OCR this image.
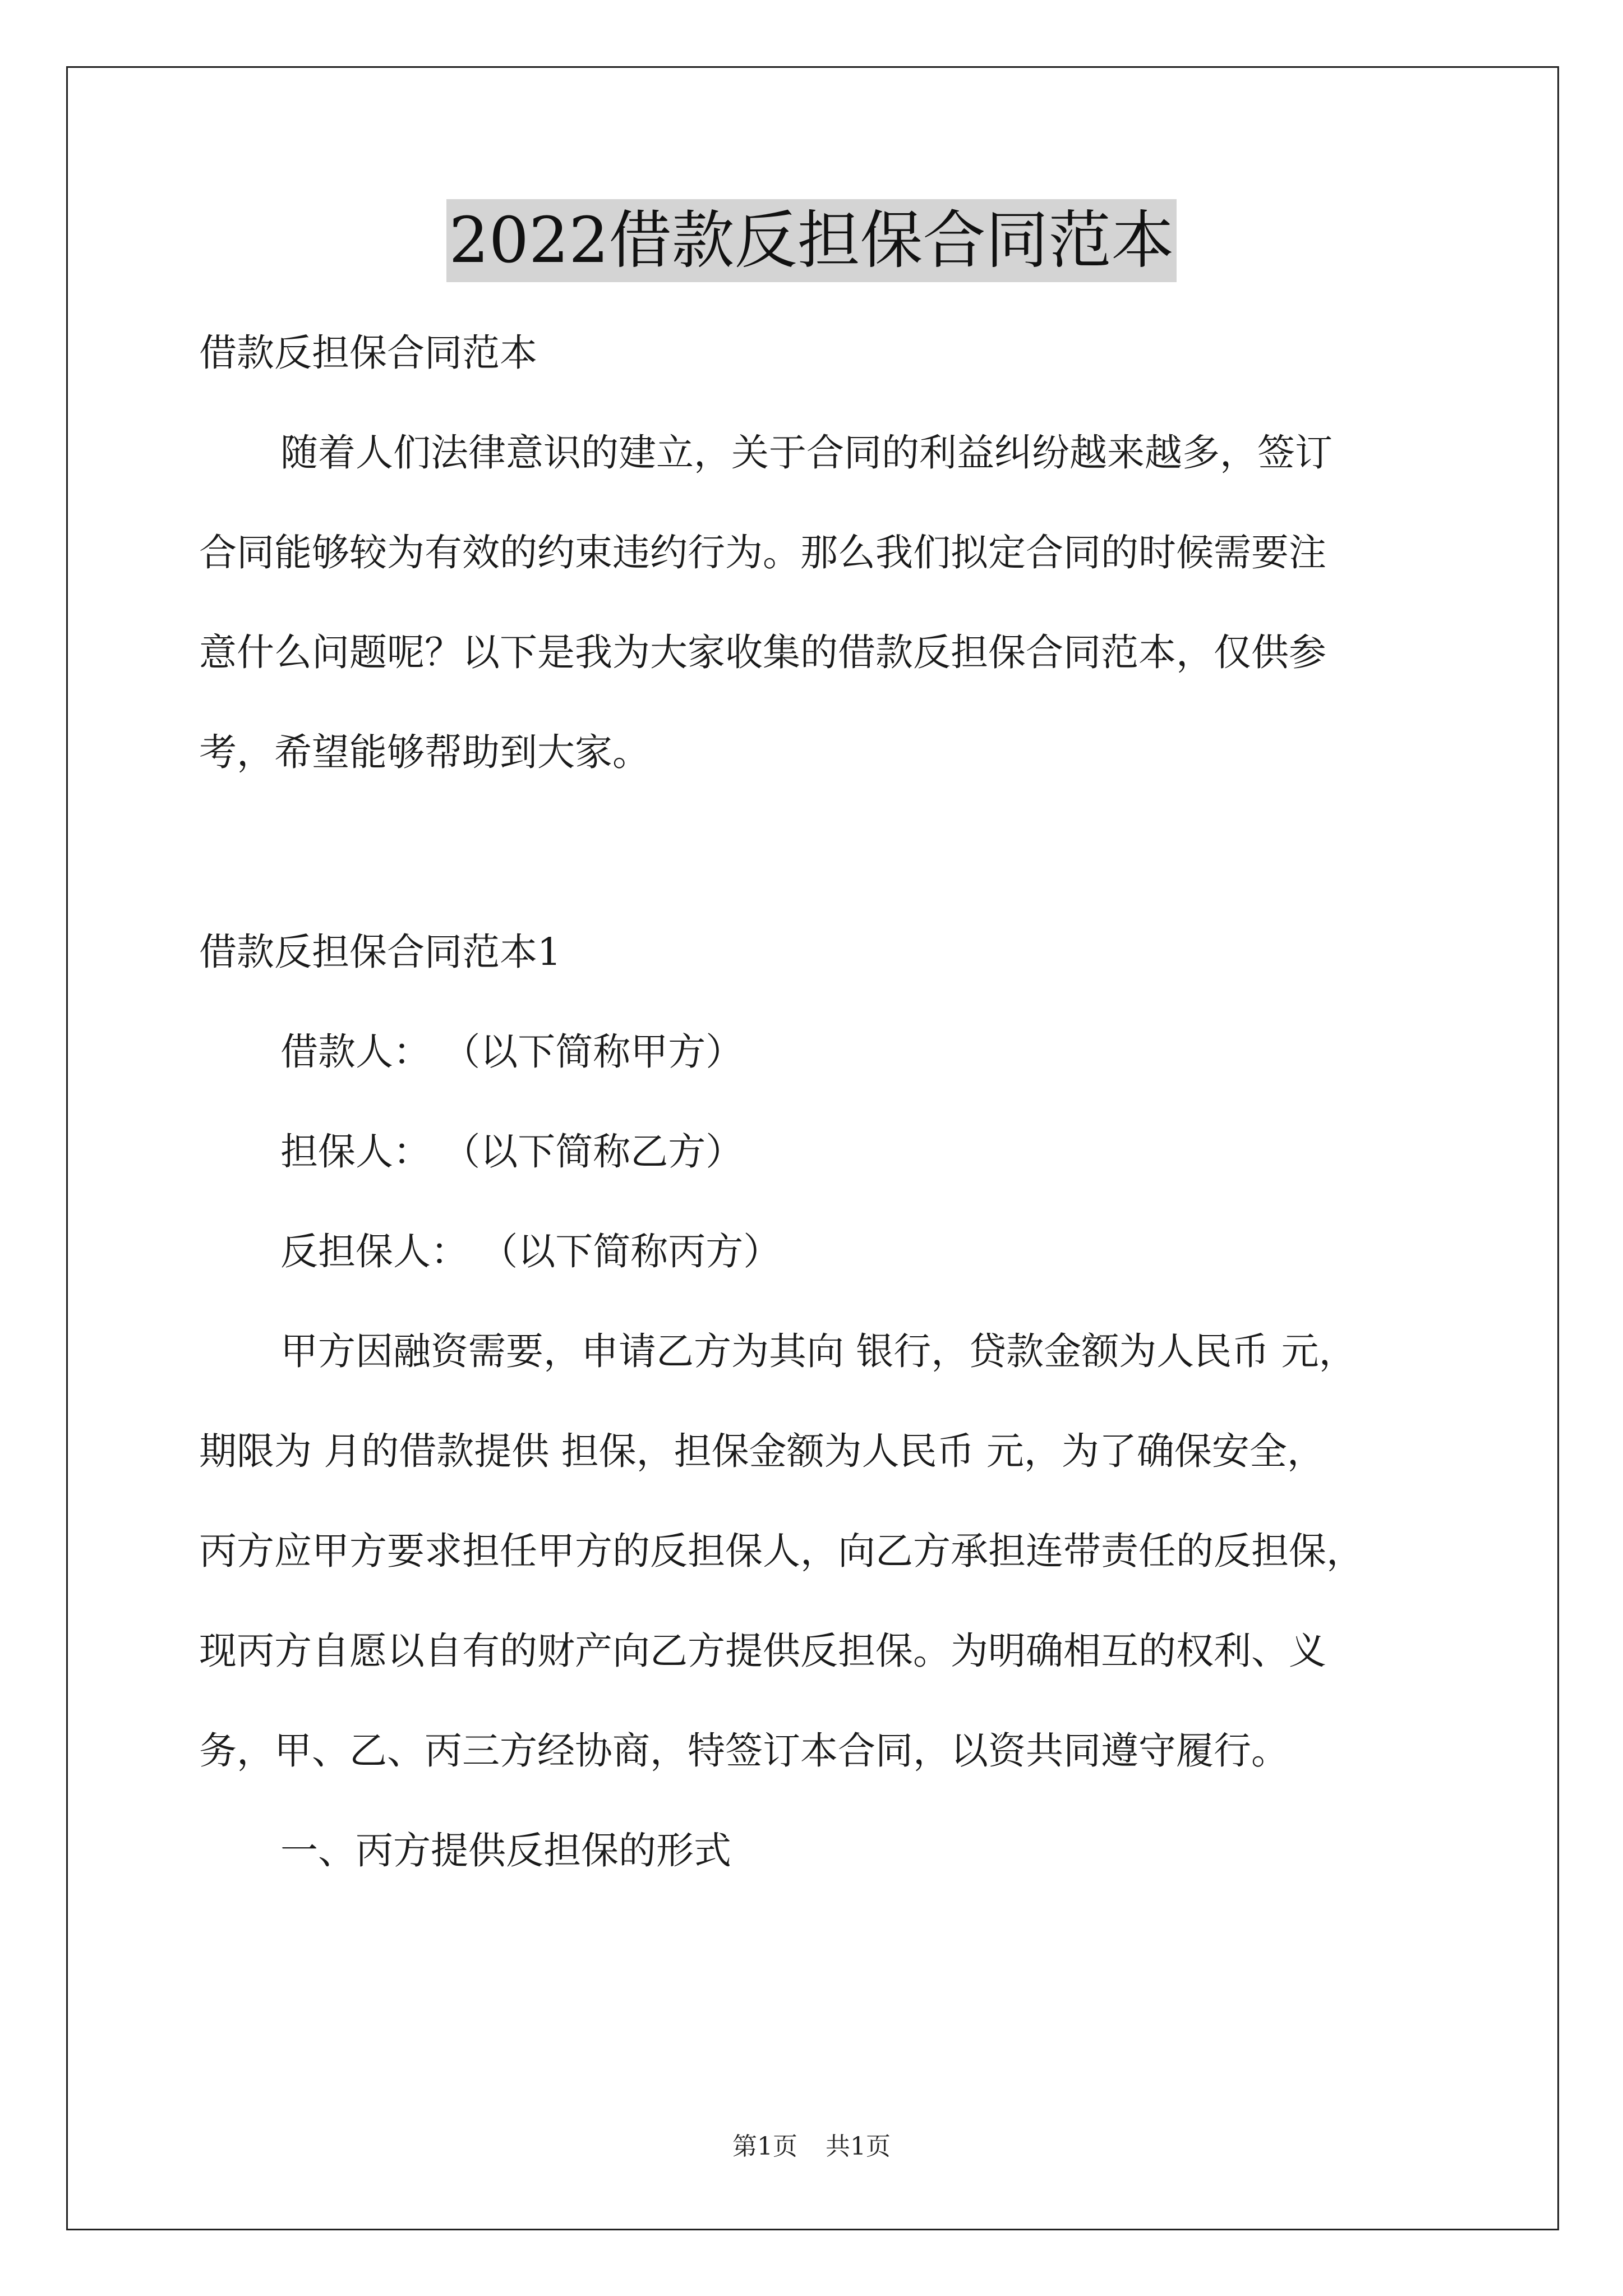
2022借款反担保合同范本

借款反担保合同范本

随着人们法律意识的建立，关于合同的利益纠纷越来越多，签订

合同能够较为有效的约束违约行为。那么我们拟定合同的时候需要注

意什么问题呢？以下是我为大家收集的借款反担保合同范本，仅供参

考，希望能够帮助到大家。

借款反担保合同范本1

借款人： （以下简称甲方）

担保人： （以下简称乙方）

反担保人： （以下简称丙方）

甲方因融资需要，申请乙方为其向 银行，贷款金额为人民币 元，

期限为 月的借款提供 担保，担保金额为人民币 元，为了确保安全，

丙方应甲方要求担任甲方的反担保人，向乙方承担连带责任的反担保，

现丙方自愿以自有的财产向乙方提供反担保。为明确相互的权利、义

务，甲、乙、丙三方经协商，特签订本合同，以资共同遵守履行。

一、丙方提供反担保的形式

第1页 共1页
